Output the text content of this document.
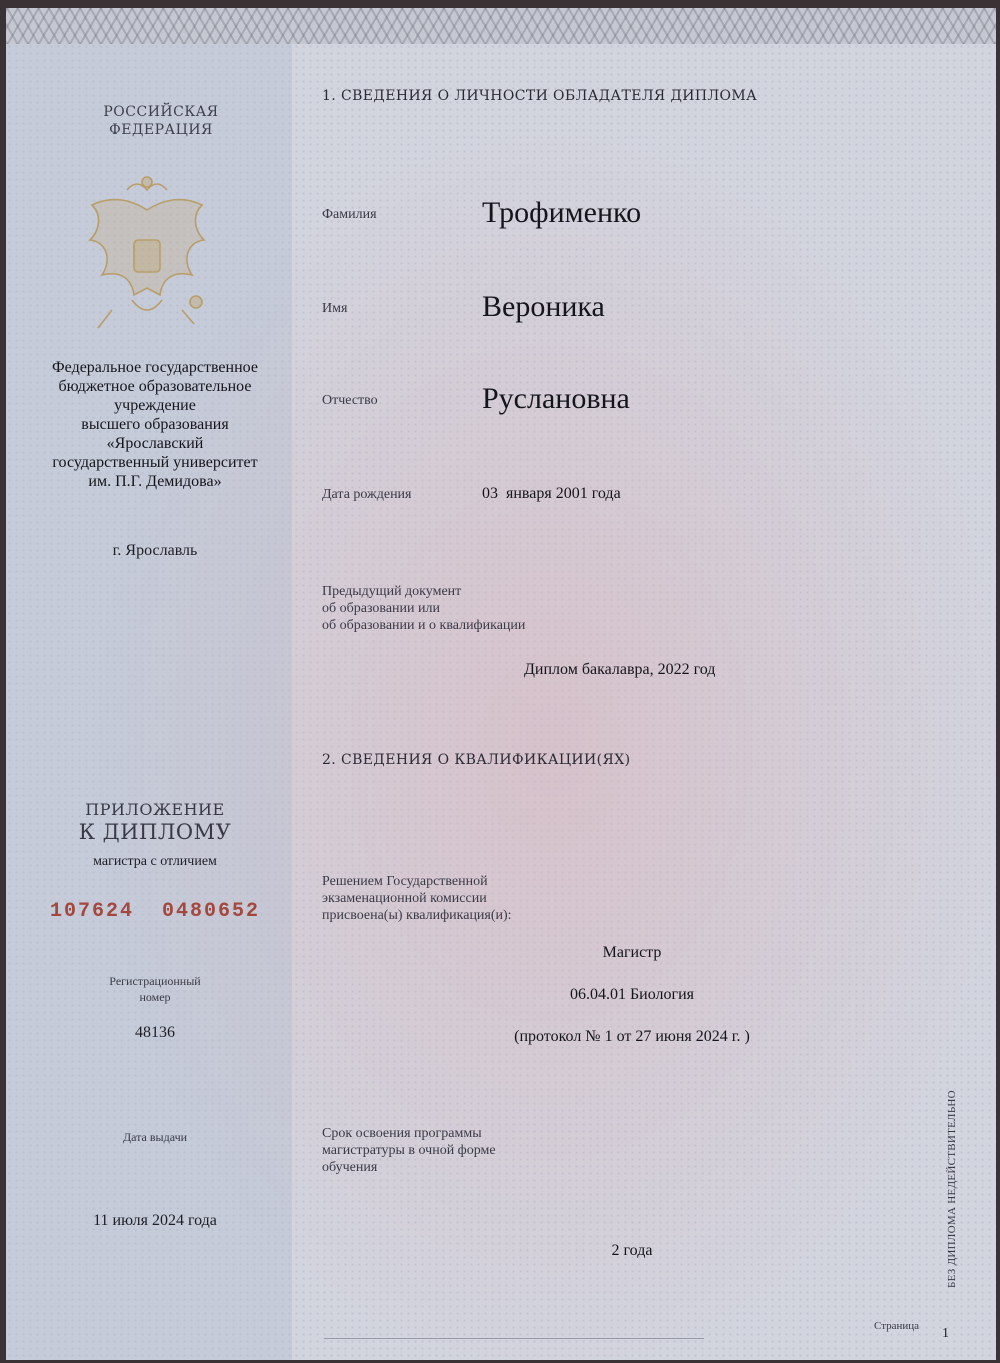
РОССИЙСКАЯ
ФЕДЕРАЦИЯ
Федеральное государственное
бюджетное образовательное
учреждение
высшего образования
«Ярославский
государственный университет
им. П.Г. Демидова»
г. Ярославль
ПРИЛОЖЕНИЕ
К ДИПЛОМУ
магистра с отличием
107624  0480652
Регистрационный
номер
48136
Дата выдачи
11 июля 2024 года
1. СВЕДЕНИЯ О ЛИЧНОСТИ ОБЛАДАТЕЛЯ ДИПЛОМА
Фамилия	Трофименко
Имя	Вероника
Отчество	Руслановна
Дата рождения	03  января 2001 года
Предыдущий документ
об образовании или
об образовании и о квалификации
Диплом бакалавра, 2022 год
2. СВЕДЕНИЯ О КВАЛИФИКАЦИИ(ЯХ)
Решением Государственной
экзаменационной комиссии
присвоена(ы) квалификация(и):
Магистр
06.04.01 Биология
(протокол № 1 от 27 июня 2024 г. )
Срок освоения программы
магистратуры в очной форме
обучения
2 года	БЕЗ ДИПЛОМА НЕДЕЙСТВИТЕЛЬНО
Страница 1
